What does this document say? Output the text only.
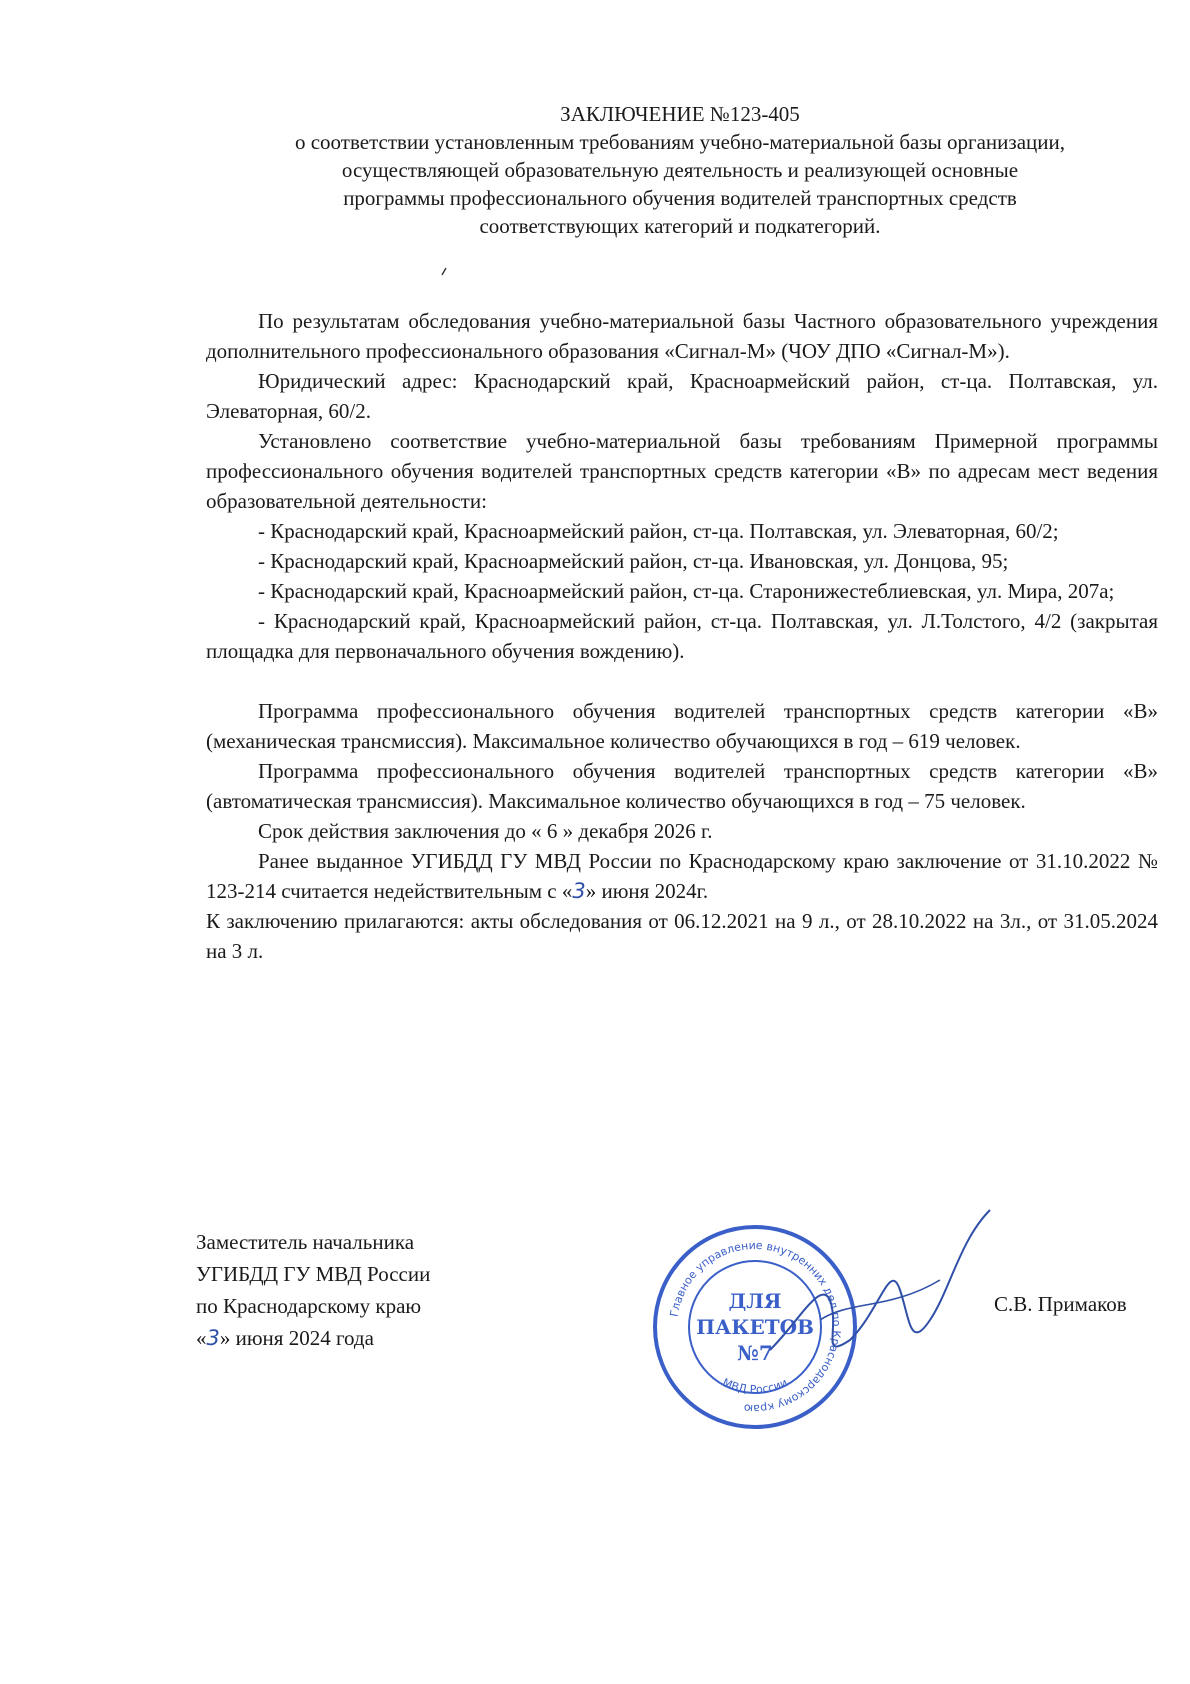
ЗАКЛЮЧЕНИЕ №123-405
о соответствии установленным требованиям учебно-материальной базы организации,
осуществляющей образовательную деятельность и реализующей основные
программы профессионального обучения водителей транспортных средств
соответствующих категорий и подкатегорий.

По результатам обследования учебно-материальной базы Частного образовательного учреждения дополнительного профессионального образования «Сигнал-М» (ЧОУ ДПО «Сигнал-М»).

Юридический адрес: Краснодарский край, Красноармейский район, ст-ца. Полтавская, ул. Элеваторная, 60/2.

Установлено соответствие учебно-материальной базы требованиям Примерной программы профессионального обучения водителей транспортных средств категории «В» по адресам мест ведения образовательной деятельности:

- Краснодарский край, Красноармейский район, ст-ца. Полтавская, ул. Элеваторная, 60/2;

- Краснодарский край, Красноармейский район, ст-ца. Ивановская, ул. Донцова, 95;

- Краснодарский край, Красноармейский район, ст-ца. Старонижестеблиевская, ул. Мира, 207а;

- Краснодарский край, Красноармейский район, ст-ца. Полтавская, ул. Л.Толстого, 4/2 (закрытая площадка для первоначального обучения вождению).

Программа профессионального обучения водителей транспортных средств категории «В» (механическая трансмиссия). Максимальное количество обучающихся в год – 619 человек.

Программа профессионального обучения водителей транспортных средств категории «В» (автоматическая трансмиссия). Максимальное количество обучающихся в год – 75 человек.

Срок действия заключения до « 6 » декабря 2026 г.

Ранее выданное УГИБДД ГУ МВД России по Краснодарскому краю заключение от 31.10.2022 № 123-214 считается недействительным с «3» июня 2024г.

К заключению прилагаются: акты обследования от 06.12.2021 на 9 л., от 28.10.2022 на 3л., от 31.05.2024 на 3 л.

Заместитель начальника
УГИБДД ГУ МВД России
по Краснодарскому краю
«3» июня 2024 года
Главное управление внутренних дел по Краснодарскому краю
МВД России
ДЛЯ
ПАКЕТОВ
№7
С.В. Примаков
